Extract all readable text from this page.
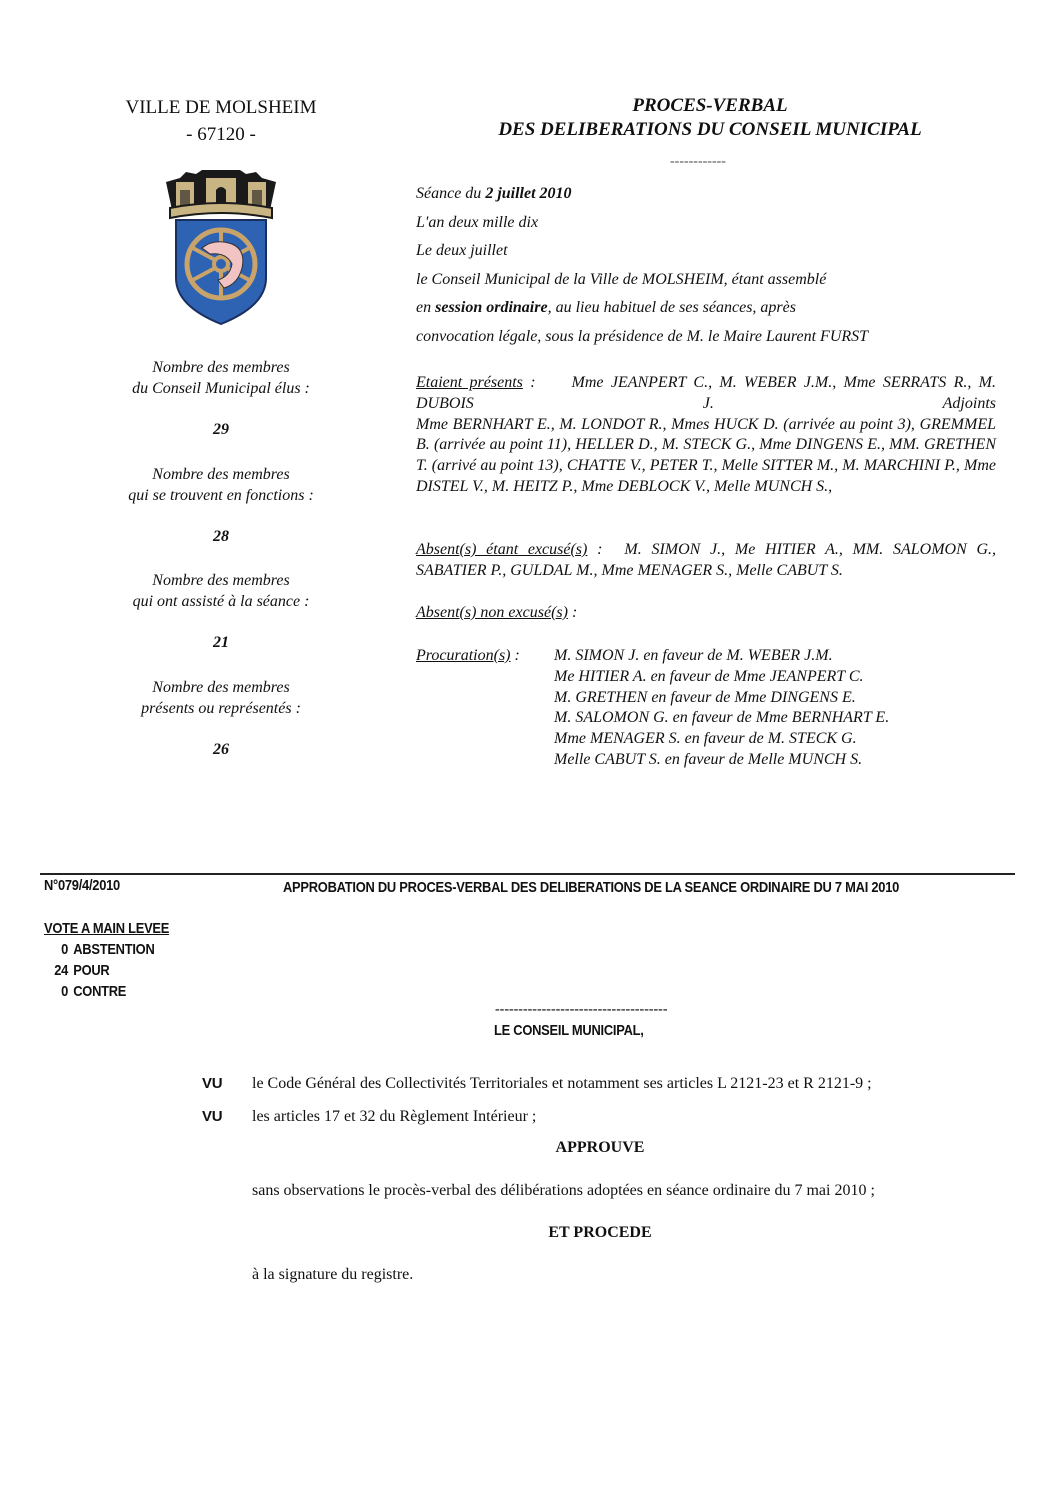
VILLE DE MOLSHEIM
- 67120 -
Nombre des membres
du Conseil Municipal élus :
29
Nombre des membres
qui se trouvent en fonctions :
28
Nombre des membres
qui ont assisté à la séance :
21
Nombre des membres
présents ou représentés :
26
PROCES-VERBAL
DES DELIBERATIONS DU CONSEIL MUNICIPAL
------------
Séance du 2 juillet 2010
L'an deux mille dix
Le deux juillet
le Conseil Municipal de la Ville de MOLSHEIM, étant assemblé
en session ordinaire, au lieu habituel de ses séances, après
convocation légale, sous la présidence de M. le Maire Laurent FURST
Etaient présents : Mme JEANPERT C., M. WEBER J.M., Mme SERRATS R., M. DUBOIS J. Adjoints
Mme BERNHART E., M. LONDOT R., Mmes HUCK D. (arrivée au point 3), GREMMEL B. (arrivée au point 11), HELLER D., M. STECK G., Mme DINGENS E., MM. GRETHEN T. (arrivé au point 13), CHATTE V., PETER T., Melle SITTER M., M. MARCHINI P., Mme DISTEL V., M. HEITZ P., Mme DEBLOCK V., Melle MUNCH S.,
Absent(s) étant excusé(s) : M. SIMON J., Me HITIER A., MM. SALOMON G., SABATIER P., GULDAL M., Mme MENAGER S., Melle CABUT S.
Absent(s) non excusé(s) :
Procuration(s) :	M. SIMON J. en faveur de M. WEBER J.M.
Me HITIER A. en faveur de Mme JEANPERT C.
M. GRETHEN en faveur de Mme DINGENS E.
M. SALOMON G. en faveur de Mme BERNHART E.
Mme MENAGER S. en faveur de M. STECK G.
Melle CABUT S. en faveur de Melle MUNCH S.
N°079/4/2010	APPROBATION DU PROCES-VERBAL DES DELIBERATIONS DE LA SEANCE ORDINAIRE DU 7 MAI 2010
VOTE A MAIN LEVEE
0 ABSTENTION
24 POUR
0 CONTRE
-------------------------------------
LE CONSEIL MUNICIPAL,
VU	le Code Général des Collectivités Territoriales et notamment ses articles L 2121-23 et R 2121-9 ;
VU	les articles 17 et 32 du Règlement Intérieur ;
APPROUVE
sans observations le procès-verbal des délibérations adoptées en séance ordinaire du 7 mai 2010 ;
ET PROCEDE
à la signature du registre.
